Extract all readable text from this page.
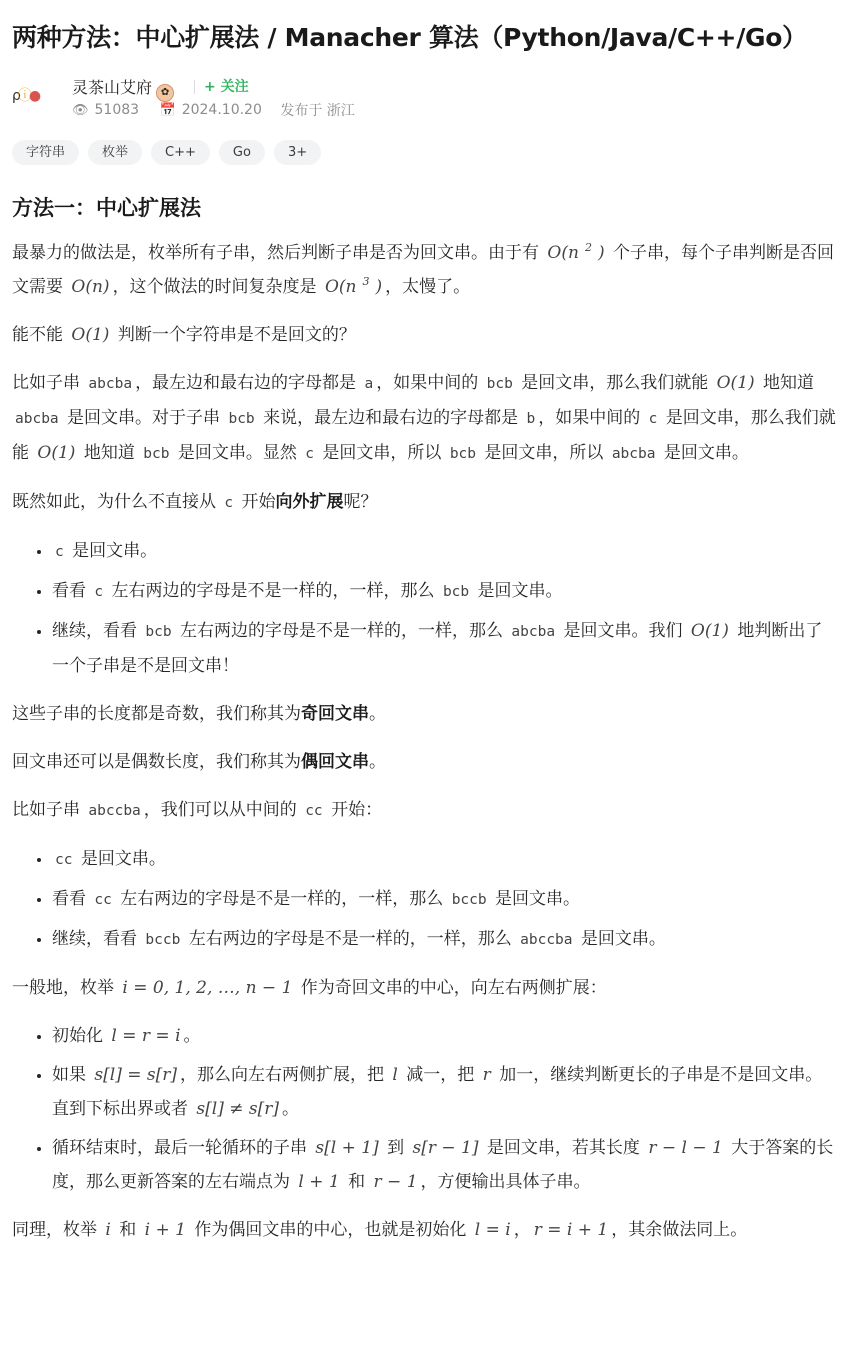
两种方法：中心扩展法 / Manacher 算法（Python/Java/C++/Go）
ρⓘ●	灵茶山艾府 ✿	+ 关注
👁 51083 📅 2024.10.20 发布于 浙江
字符串	枚举	C++	Go	3+
方法一：中心扩展法
最暴力的做法是，枚举所有子串，然后判断子串是否为回文串。由于有 O(n $^2$ ) 个子串，每个子串判断是否回文需要 O(n) ，这个做法的时间复杂度是 O(n $^3$ ) ，太慢了。
能不能 O(1) 判断一个字符串是不是回文的？
比如子串 abcba ，最左边和最右边的字母都是 a ，如果中间的 bcb 是回文串，那么我们就能 O(1) 地知道 abcba 是回文串。对于子串 bcb 来说，最左边和最右边的字母都是 b ，如果中间的 c 是回文串，那么我们就能 O(1) 地知道 bcb 是回文串。显然 c 是回文串，所以 bcb 是回文串，所以 abcba 是回文串。
既然如此，为什么不直接从 c 开始向外扩展呢？
• c 是回文串。
• 看看 c 左右两边的字母是不是一样的，一样，那么 bcb 是回文串。
• 继续，看看 bcb 左右两边的字母是不是一样的，一样，那么 abcba 是回文串。我们 O(1) 地判断出了一个子串是不是回文串！
这些子串的长度都是奇数，我们称其为奇回文串。
回文串还可以是偶数长度，我们称其为偶回文串。
比如子串 abccba ，我们可以从中间的 cc 开始：
• cc 是回文串。
• 看看 cc 左右两边的字母是不是一样的，一样，那么 bccb 是回文串。
• 继续，看看 bccb 左右两边的字母是不是一样的，一样，那么 abccba 是回文串。
一般地，枚举 i = 0, 1, 2, …, n − 1 作为奇回文串的中心，向左右两侧扩展：
• 初始化 l = r = i 。
• 如果 s[l] = s[r] ，那么向左右两侧扩展，把 l 减一，把 r 加一，继续判断更长的子串是不是回文串。直到下标出界或者 s[l] ≠ s[r] 。
• 循环结束时，最后一轮循环的子串 s[l + 1] 到 s[r − 1] 是回文串，若其长度 r − l − 1 大于答案的长度，那么更新答案的左右端点为 l + 1 和 r − 1 ，方便输出具体子串。
同理，枚举 i 和 i + 1 作为偶回文串的中心，也就是初始化 l = i ， r = i + 1 ，其余做法同上。
